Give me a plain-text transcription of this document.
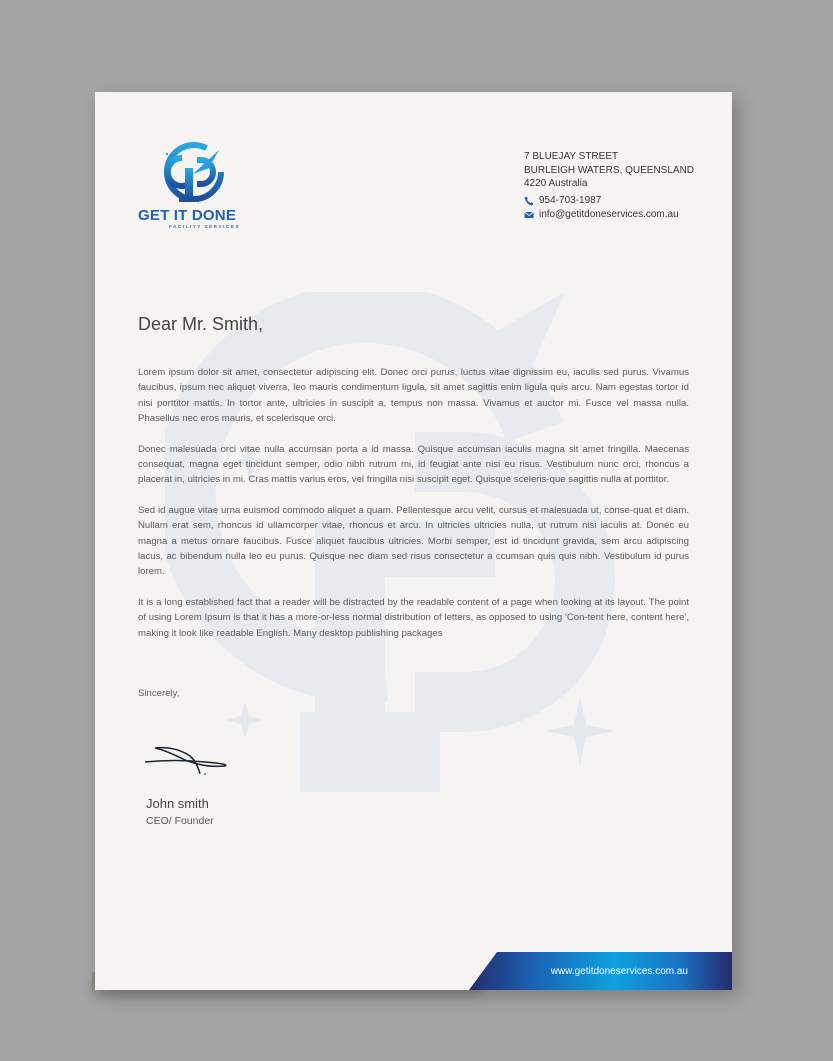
GET IT DONE
FACILITY SERVICES
7 BLUEJAY STREET
BURLEIGH WATERS, QUEENSLAND
4220 Australia
954-703-1987
info@getitdoneservices.com.au
Dear Mr. Smith,

Lorem ipsum dolor sit amet, consectetur adipiscing elit. Donec orci purus, luctus vitae dignissim eu, iaculis sed purus. Vivamus faucibus, ipsum nec aliquet viverra, leo mauris condimentum ligula, sit amet sagittis enim ligula quis arcu. Nam egestas tortor id nisi porttitor mattis. In tortor ante, ultricies in suscipit a, tempus non massa. Vivamus et auctor mi. Fusce vel massa nulla. Phasellus nec eros mauris, et scelerisque orci.

Donec malesuada orci vitae nulla accumsan porta a id massa. Quisque accumsan iaculis magna sit amet fringilla. Maecenas consequat, magna eget tincidunt semper, odio nibh rutrum mi, id feugiat ante nisi eu risus. Vestibulum nunc orci, rhoncus a placerat in, ultricies in mi. Cras mattis varius eros, vel fringilla nisi suscipit eget. Quisque sceleris-que sagittis nulla at porttitor.

Sed id augue vitae urna euismod commodo aliquet a quam. Pellentesque arcu velit, cursus et malesuada ut, conse-quat et diam. Nullam erat sem, rhoncus id ullamcorper vitae, rhoncus et arcu. In ultricies ultricies nulla, ut rutrum nisi iaculis at. Donec eu magna a metus ornare faucibus. Fusce aliquet faucibus ultricies. Morbi semper, est id tincidunt gravida, sem arcu adipiscing lacus, ac bibendum nulla leo eu purus. Quisque nec diam sed risus consectetur a ccumsan quis quis nibh. Vestibulum id purus lorem.

It is a long established fact that a reader will be distracted by the readable content of a page when looking at its layout. The point of using Lorem Ipsum is that it has a more-or-less normal distribution of letters, as opposed to using 'Con-tent here, content here', making it look like readable English. Many desktop publishing packages

Sincerely,
John smith
CEO/ Founder
www.getitdoneservices.com.au
